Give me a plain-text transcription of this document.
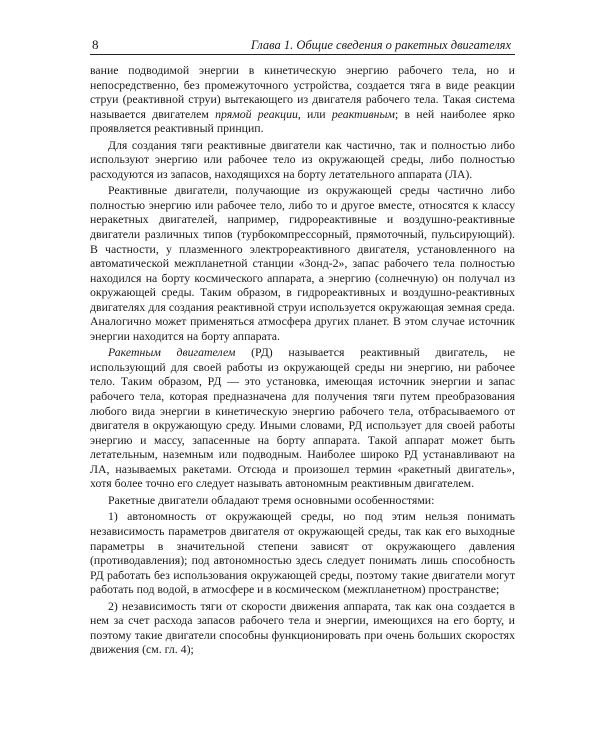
8	Глава 1. Общие сведения о ракетных двигателях

вание подводимой энергии в кинетическую энергию рабочего тела, но и непосредственно, без промежуточного устройства, создается тяга в виде реакции струи (реактивной струи) вытекающего из двигателя рабочего тела. Такая система называется двигателем прямой реакции, или реактивным; в ней наиболее ярко проявляется реактивный принцип.

Для создания тяги реактивные двигатели как частично, так и полностью либо используют энергию или рабочее тело из окружающей среды, либо полностью расходуются из запасов, находящихся на борту летательного аппарата (ЛА).

Реактивные двигатели, получающие из окружающей среды частично либо полностью энергию или рабочее тело, либо то и другое вместе, относятся к классу неракетных двигателей, например, гидрореактивные и воздушно-реактивные двигатели различных типов (турбокомпрессорный, прямоточный, пульсирующий). В частности, у плазменного электрореактивного двигателя, установленного на автоматической межпланетной станции «Зонд-2», запас рабочего тела полностью находился на борту космического аппарата, а энергию (солнечную) он получал из окружающей среды. Таким образом, в гидрореактивных и воздушно-реактивных двигателях для создания реактивной струи используется окружающая земная среда. Аналогично может применяться атмосфера других планет. В этом случае источник энергии находится на борту аппарата.

Ракетным двигателем (РД) называется реактивный двигатель, не использующий для своей работы из окружающей среды ни энергию, ни рабочее тело. Таким образом, РД — это установка, имеющая источник энергии и запас рабочего тела, которая предназначена для получения тяги путем преобразования любого вида энергии в кинетическую энергию рабочего тела, отбрасываемого от двигателя в окружающую среду. Иными словами, РД использует для своей работы энергию и массу, запасенные на борту аппарата. Такой аппарат может быть летательным, наземным или подводным. Наиболее широко РД устанавливают на ЛА, называемых ракетами. Отсюда и произошел термин «ракетный двигатель», хотя более точно его следует называть автономным реактивным двигателем.

Ракетные двигатели обладают тремя основными особенностями:

1) автономность от окружающей среды, но под этим нельзя понимать независимость параметров двигателя от окружающей среды, так как его выходные параметры в значительной степени зависят от окружающего давления (противодавления); под автономностью здесь следует понимать лишь способность РД работать без использования окружающей среды, поэтому такие двигатели могут работать под водой, в атмосфере и в космическом (межпланетном) пространстве;

2) независимость тяги от скорости движения аппарата, так как она создается в нем за счет расхода запасов рабочего тела и энергии, имеющихся на его борту, и поэтому такие двигатели способны функционировать при очень больших скоростях движения (см. гл. 4);
